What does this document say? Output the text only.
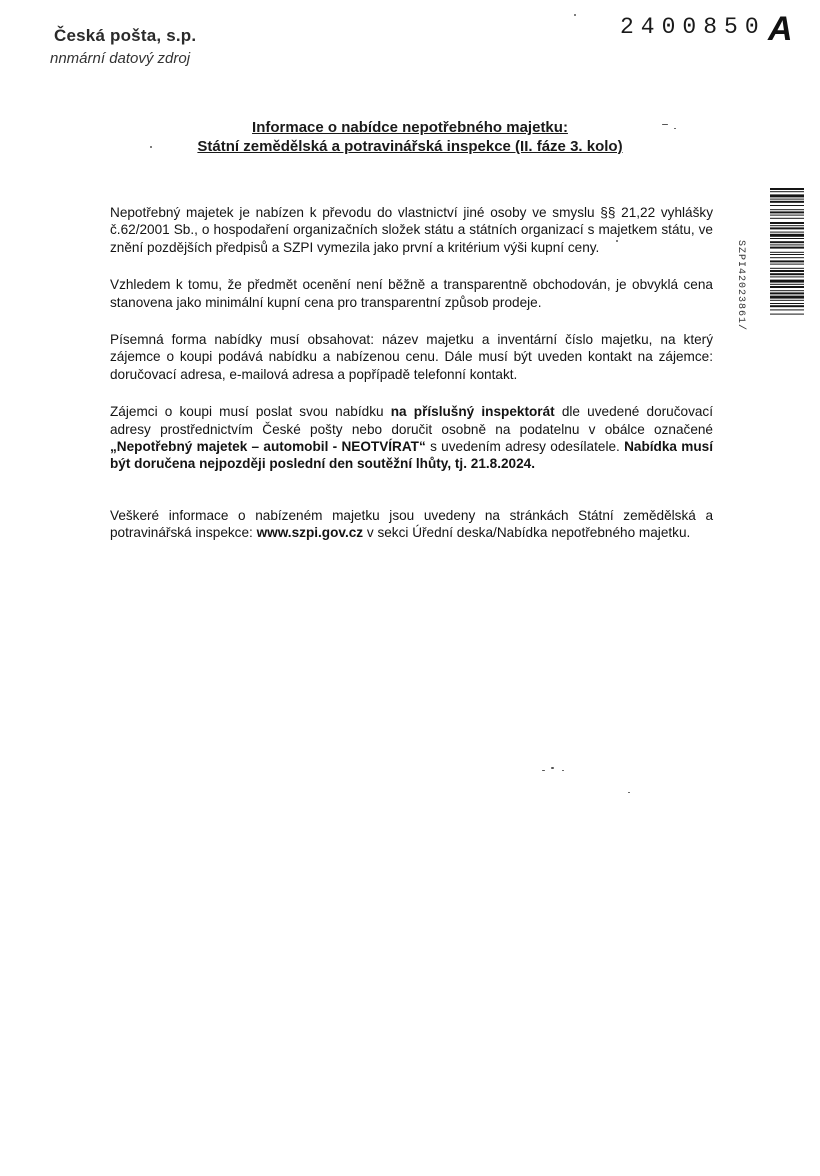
Česká pošta, s.p.
‍nnmární datový zdroj
2400850 A
Informace o nabídce nepotřebného majetku:
Státní zemědělská a potravinářská inspekce (II. fáze 3. kolo)

Nepotřebný majetek je nabízen k převodu do vlastnictví jiné osoby ve smyslu §§ 21,22 vyhlášky č.62/2001 Sb., o hospodaření organizačních složek státu a státních organizací s majetkem státu, ve znění pozdějších předpisů a SZPI vymezila jako první a kritérium výši kupní ceny.

Vzhledem k tomu, že předmět ocenění není běžně a transparentně obchodován, je obvyklá cena stanovena jako minimální kupní cena pro transparentní způsob prodeje.

Písemná forma nabídky musí obsahovat: název majetku a inventární číslo majetku, na který zájemce o koupi podává nabídku a nabízenou cenu. Dále musí být uveden kontakt na zájemce: doručovací adresa, e-mailová adresa a popřípadě telefonní kontakt.

Zájemci o koupi musí poslat svou nabídku na příslušný inspektorát dle uvedené doručovací adresy prostřednictvím České pošty nebo doručit osobně na podatelnu v obálce označené „Nepotřebný majetek – automobil - NEOTVÍRAT“ s uvedením adresy odesílatele. Nabídka musí být doručena nejpozději poslední den soutěžní lhůty, tj. 21.8.2024.

Veškeré informace o nabízeném majetku jsou uvedeny na stránkách Státní zemědělská a potravinářská inspekce: www.szpi.gov.cz v sekci Úřední deska/Nabídka nepotřebného majetku.

SZPI42023861/
